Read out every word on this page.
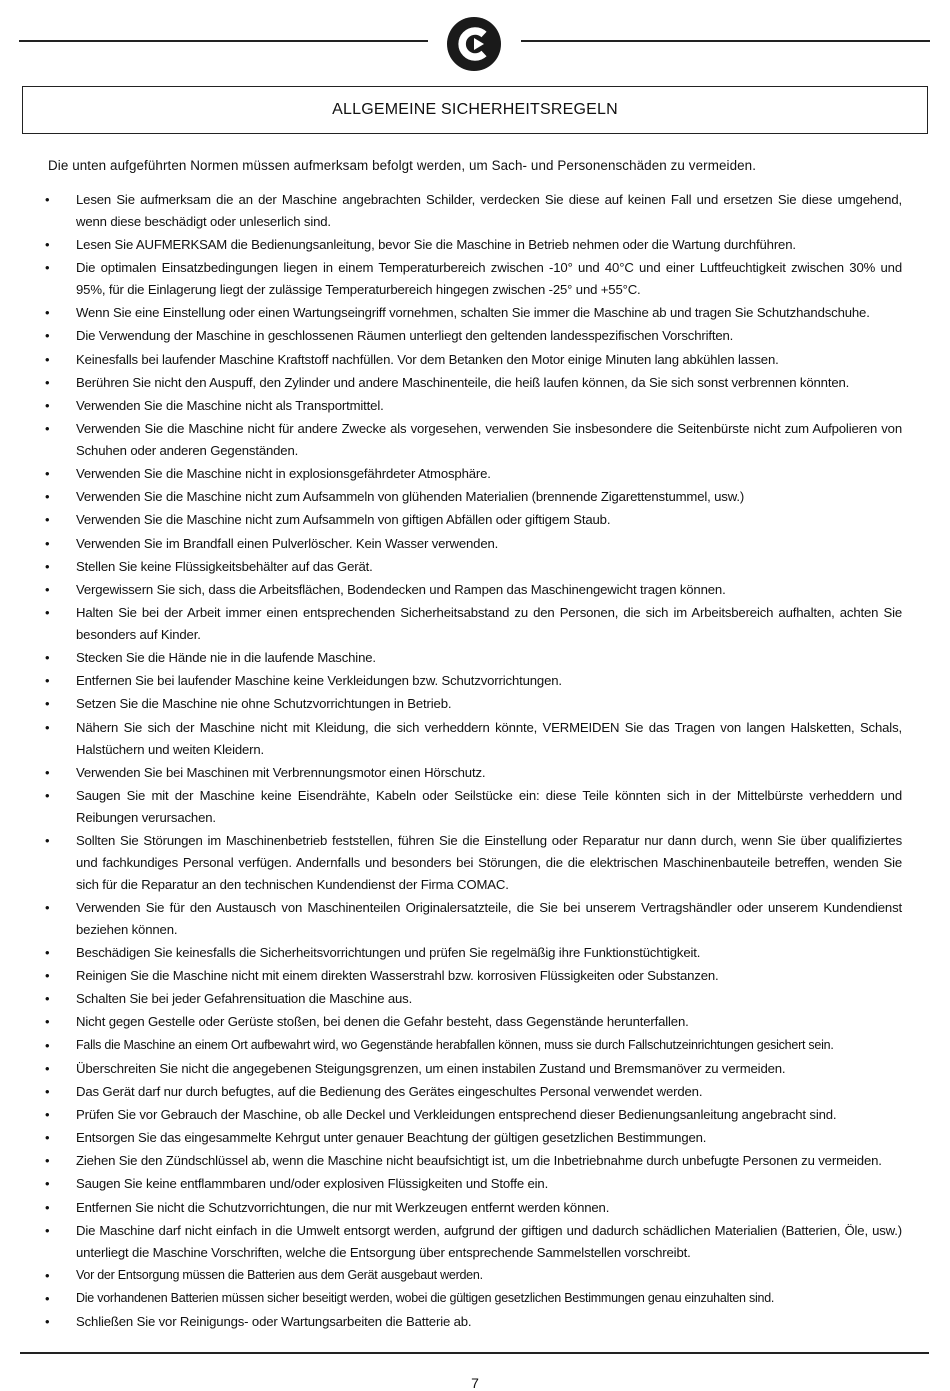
ALLGEMEINE SICHERHEITSREGELN
Die unten aufgeführten Normen müssen aufmerksam befolgt werden, um Sach- und Personenschäden zu vermeiden.
• Lesen Sie aufmerksam die an der Maschine angebrachten Schilder, verdecken Sie diese auf keinen Fall und ersetzen Sie diese umgehend, wenn diese beschädigt oder unleserlich sind.
• Lesen Sie AUFMERKSAM die Bedienungsanleitung, bevor Sie die Maschine in Betrieb nehmen oder die Wartung durchführen.
• Die optimalen Einsatzbedingungen liegen in einem Temperaturbereich zwischen -10° und 40°C und einer Luftfeuchtigkeit zwischen 30% und 95%, für die Einlagerung liegt der zulässige Temperaturbereich hingegen zwischen -25° und +55°C.
• Wenn Sie eine Einstellung oder einen Wartungseingriff vornehmen, schalten Sie immer die Maschine ab und tragen Sie Schutzhandschuhe.
• Die Verwendung der Maschine in geschlossenen Räumen unterliegt den geltenden landesspezifischen Vorschriften.
• Keinesfalls bei laufender Maschine Kraftstoff nachfüllen. Vor dem Betanken den Motor einige Minuten lang abkühlen lassen.
• Berühren Sie nicht den Auspuff, den Zylinder und andere Maschinenteile, die heiß laufen können, da Sie sich sonst verbrennen könnten.
• Verwenden Sie die Maschine nicht als Transportmittel.
• Verwenden Sie die Maschine nicht für andere Zwecke als vorgesehen, verwenden Sie insbesondere die Seitenbürste nicht zum Aufpolieren von Schuhen oder anderen Gegenständen.
• Verwenden Sie die Maschine nicht in explosionsgefährdeter Atmosphäre.
• Verwenden Sie die Maschine nicht zum Aufsammeln von glühenden Materialien (brennende Zigarettenstummel, usw.)
• Verwenden Sie die Maschine nicht zum Aufsammeln von giftigen Abfällen oder giftigem Staub.
• Verwenden Sie im Brandfall einen Pulverlöscher. Kein Wasser verwenden.
• Stellen Sie keine Flüssigkeitsbehälter auf das Gerät.
• Vergewissern Sie sich, dass die Arbeitsflächen, Bodendecken und Rampen das Maschinengewicht tragen können.
• Halten Sie bei der Arbeit immer einen entsprechenden Sicherheitsabstand zu den Personen, die sich im Arbeitsbereich aufhalten, achten Sie besonders auf Kinder.
• Stecken Sie die Hände nie in die laufende Maschine.
• Entfernen Sie bei laufender Maschine keine Verkleidungen bzw. Schutzvorrichtungen.
• Setzen Sie die Maschine nie ohne Schutzvorrichtungen in Betrieb.
• Nähern Sie sich der Maschine nicht mit Kleidung, die sich verheddern könnte, VERMEIDEN Sie das Tragen von langen Halsketten, Schals, Halstüchern und weiten Kleidern.
• Verwenden Sie bei Maschinen mit Verbrennungsmotor einen Hörschutz.
• Saugen Sie mit der Maschine keine Eisendrähte, Kabeln oder Seilstücke ein: diese Teile könnten sich in der Mittelbürste verheddern und Reibungen verursachen.
• Sollten Sie Störungen im Maschinenbetrieb feststellen, führen Sie die Einstellung oder Reparatur nur dann durch, wenn Sie über qualifiziertes und fachkundiges Personal verfügen. Andernfalls und besonders bei Störungen, die die elektrischen Maschinenbauteile betreffen, wenden Sie sich für die Reparatur an den technischen Kundendienst der Firma COMAC.
• Verwenden Sie für den Austausch von Maschinenteilen Originalersatzteile, die Sie bei unserem Vertragshändler oder unserem Kundendienst beziehen können.
• Beschädigen Sie keinesfalls die Sicherheitsvorrichtungen und prüfen Sie regelmäßig ihre Funktionstüchtigkeit.
• Reinigen Sie die Maschine nicht mit einem direkten Wasserstrahl bzw. korrosiven Flüssigkeiten oder Substanzen.
• Schalten Sie bei jeder Gefahrensituation die Maschine aus.
• Nicht gegen Gestelle oder Gerüste stoßen, bei denen die Gefahr besteht, dass Gegenstände herunterfallen.
• Falls die Maschine an einem Ort aufbewahrt wird, wo Gegenstände herabfallen können, muss sie durch Fallschutzeinrichtungen gesichert sein.
• Überschreiten Sie nicht die angegebenen Steigungsgrenzen, um einen instabilen Zustand und Bremsmanöver zu vermeiden.
• Das Gerät darf nur durch befugtes, auf die Bedienung des Gerätes eingeschultes Personal verwendet werden.
• Prüfen Sie vor Gebrauch der Maschine, ob alle Deckel und Verkleidungen entsprechend dieser Bedienungsanleitung angebracht sind.
• Entsorgen Sie das eingesammelte Kehrgut unter genauer Beachtung der gültigen gesetzlichen Bestimmungen.
• Ziehen Sie den Zündschlüssel ab, wenn die Maschine nicht beaufsichtigt ist, um die Inbetriebnahme durch unbefugte Personen zu vermeiden.
• Saugen Sie keine entflammbaren und/oder explosiven Flüssigkeiten und Stoffe ein.
• Entfernen Sie nicht die Schutzvorrichtungen, die nur mit Werkzeugen entfernt werden können.
• Die Maschine darf nicht einfach in die Umwelt entsorgt werden, aufgrund der giftigen und dadurch schädlichen Materialien (Batterien, Öle, usw.) unterliegt die Maschine Vorschriften, welche die Entsorgung über entsprechende Sammelstellen vorschreibt.
• Vor der Entsorgung müssen die Batterien aus dem Gerät ausgebaut werden.
• Die vorhandenen Batterien müssen sicher beseitigt werden, wobei die gültigen gesetzlichen Bestimmungen genau einzuhalten sind.
• Schließen Sie vor Reinigungs- oder Wartungsarbeiten die Batterie ab.
7
